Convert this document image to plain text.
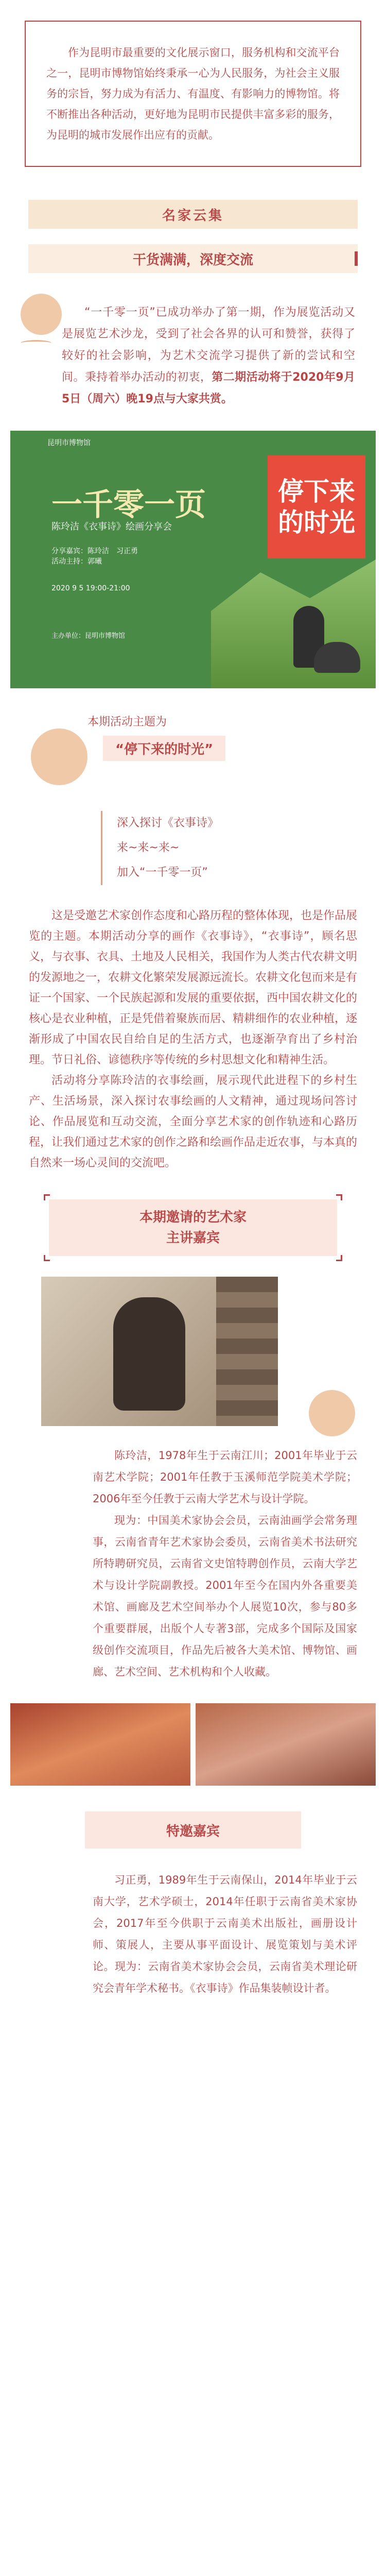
作为昆明市最重要的文化展示窗口，服务机构和交流平台之一，昆明市博物馆始终秉承一心为人民服务，为社会主义服务的宗旨，努力成为有活力、有温度、有影响力的博物馆。将不断推出各种活动，更好地为昆明市民提供丰富多彩的服务，为昆明的城市发展作出应有的贡献。

名家云集
干货满满，深度交流
“一千零一页”已成功举办了第一期，作为展览活动又是展览艺术沙龙，受到了社会各界的认可和赞誉，获得了较好的社会影响，为艺术交流学习提供了新的尝试和空间。秉持着举办活动的初衷，第二期活动将于2020年9月5日（周六）晚19点与大家共赏。
昆明市博物馆
一千零一页
陈玲洁《衣事诗》绘画分享会
分享嘉宾：陈玲洁　习正勇
活动主持：郭曦
2020 9 5 19:00-21:00
主办单位：昆明市博物馆
停下来的时光
本期活动主题为
“停下来的时光”

深入探讨《衣事诗》

来~来~来~

加入“一千零一页”

这是受邀艺术家创作态度和心路历程的整体体现，也是作品展览的主题。本期活动分享的画作《衣事诗》，“衣事诗”，顾名思义，与衣事、衣具、土地及人民相关，我国作为人类古代农耕文明的发源地之一，农耕文化繁荣发展源远流长。农耕文化包而来是有证一个国家、一个民族起源和发展的重要依据，西中国农耕文化的核心是衣业种植，正是凭借着聚族而居、精耕细作的农业种植，逐渐形成了中国农民自给自足的生活方式，也逐渐孕育出了乡村治理。节日礼俗、谚德秩序等传统的乡村思想文化和精神生活。

活动将分享陈玲洁的衣事绘画，展示现代此进程下的乡村生产、生活场景，深入探讨农事绘画的人文精神，通过现场问答讨论、作品展览和互动交流，全面分享艺术家的创作轨迹和心路历程，让我们通过艺术家的创作之路和绘画作品走近农事，与本真的自然来一场心灵间的交流吧。

本期邀请的艺术家
主讲嘉宾

陈玲洁，1978年生于云南江川；2001年毕业于云南艺术学院；2001年任教于玉溪师范学院美术学院；2006年至今任教于云南大学艺术与设计学院。

现为：中国美术家协会会员，云南油画学会常务理事，云南省青年艺术家协会委员，云南省美术书法研究所特聘研究员，云南省文史馆特聘创作员，云南大学艺术与设计学院副教授。2001年至今在国内外各重要美术馆、画廊及艺术空间举办个人展览10次，参与80多个重要群展，出版个人专著3部，完成多个国际及国家级创作交流项目，作品先后被各大美术馆、博物馆、画廊、艺术空间、艺术机构和个人收藏。

特邀嘉宾

习正勇，1989年生于云南保山，2014年毕业于云南大学，艺术学硕士，2014年任职于云南省美术家协会，2017年至今供职于云南美术出版社，画册设计师、策展人，主要从事平面设计、展览策划与美术评论。现为：云南省美术家协会会员，云南省美术理论研究会青年学术秘书。《衣事诗》作品集装帧设计者。
